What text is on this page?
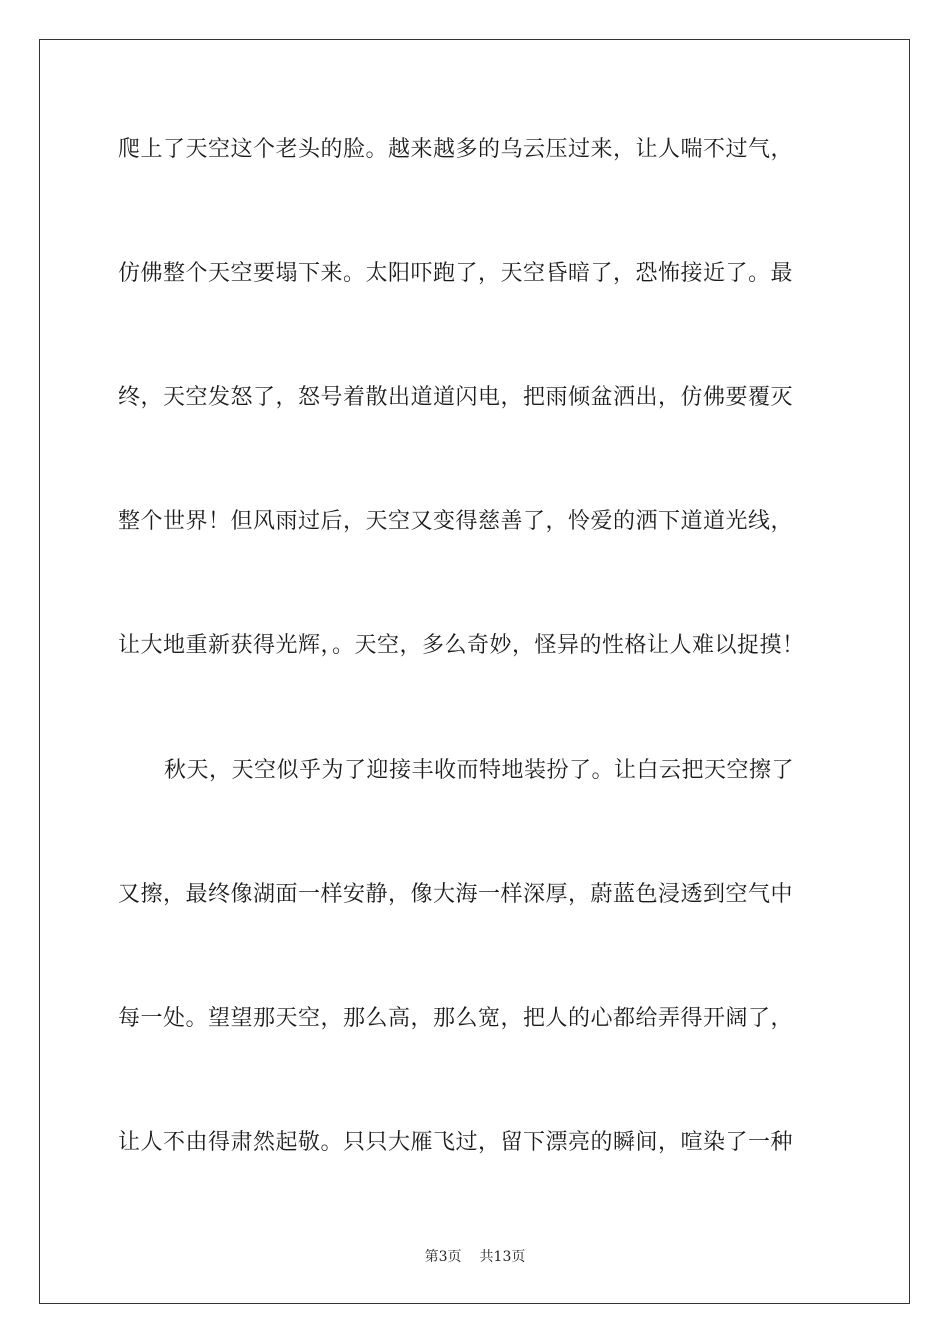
爬上了天空这个老头的脸。越来越多的乌云压过来，让人喘不过气，
仿佛整个天空要塌下来。太阳吓跑了，天空昏暗了，恐怖接近了。最
终，天空发怒了，怒号着散出道道闪电，把雨倾盆洒出，仿佛要覆灭
整个世界！但风雨过后，天空又变得慈善了，怜爱的洒下道道光线，
让大地重新获得光辉，。天空，多么奇妙，怪异的性格让人难以捉摸！
秋天，天空似乎为了迎接丰收而特地装扮了。让白云把天空擦了
又擦，最终像湖面一样安静，像大海一样深厚，蔚蓝色浸透到空气中
每一处。望望那天空，那么高，那么宽，把人的心都给弄得开阔了，
让人不由得肃然起敬。只只大雁飞过，留下漂亮的瞬间，喧染了一种
第3页 共13页
